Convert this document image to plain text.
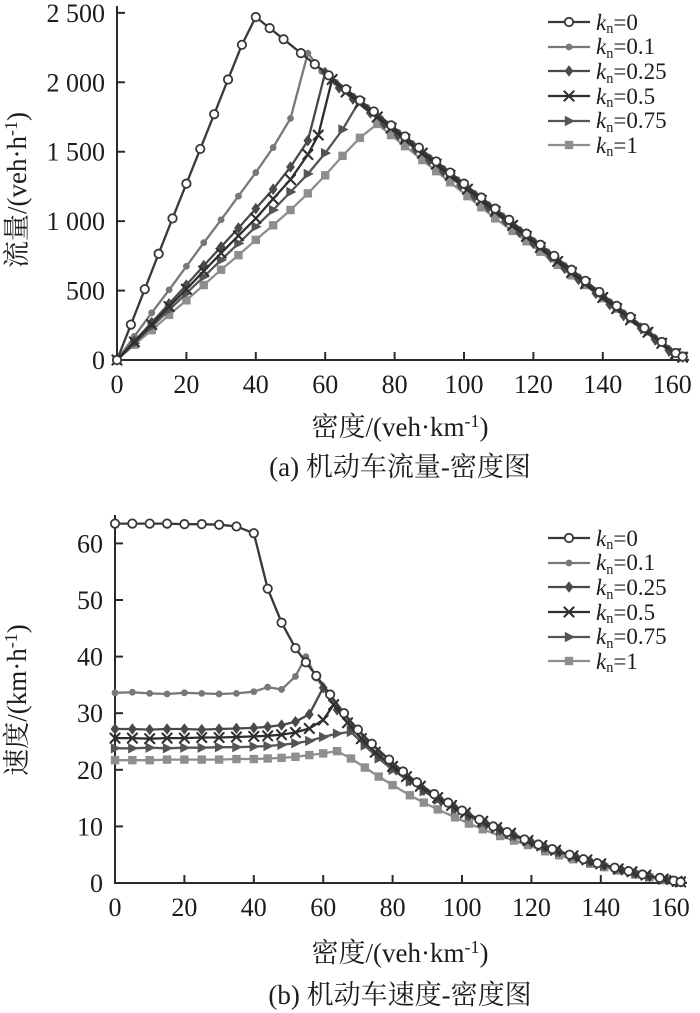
0 20 40 60 80 100 120 140 160
0
500
1 000
1 500
2 000
2 500
流量$/(veh\cdot h^{-1})$
密度$/(veh\cdot km^{-1})$
(a) 机动车流量-密度图
$k_n=0$
$k_n=0.1$
$k_n=0.25$
$k_n=0.5$
$k_n=0.75$
$k_n=1$
0 20 40 60 80 100 120 140 160
0
10
20
30
40
50
60
速度$/(km\cdot h^{-1})$
密度$/(veh\cdot km^{-1})$
(b) 机动车速度-密度图
$k_n=0$
$k_n=0.1$
$k_n=0.25$
$k_n=0.5$
$k_n=0.75$
$k_n=1$
